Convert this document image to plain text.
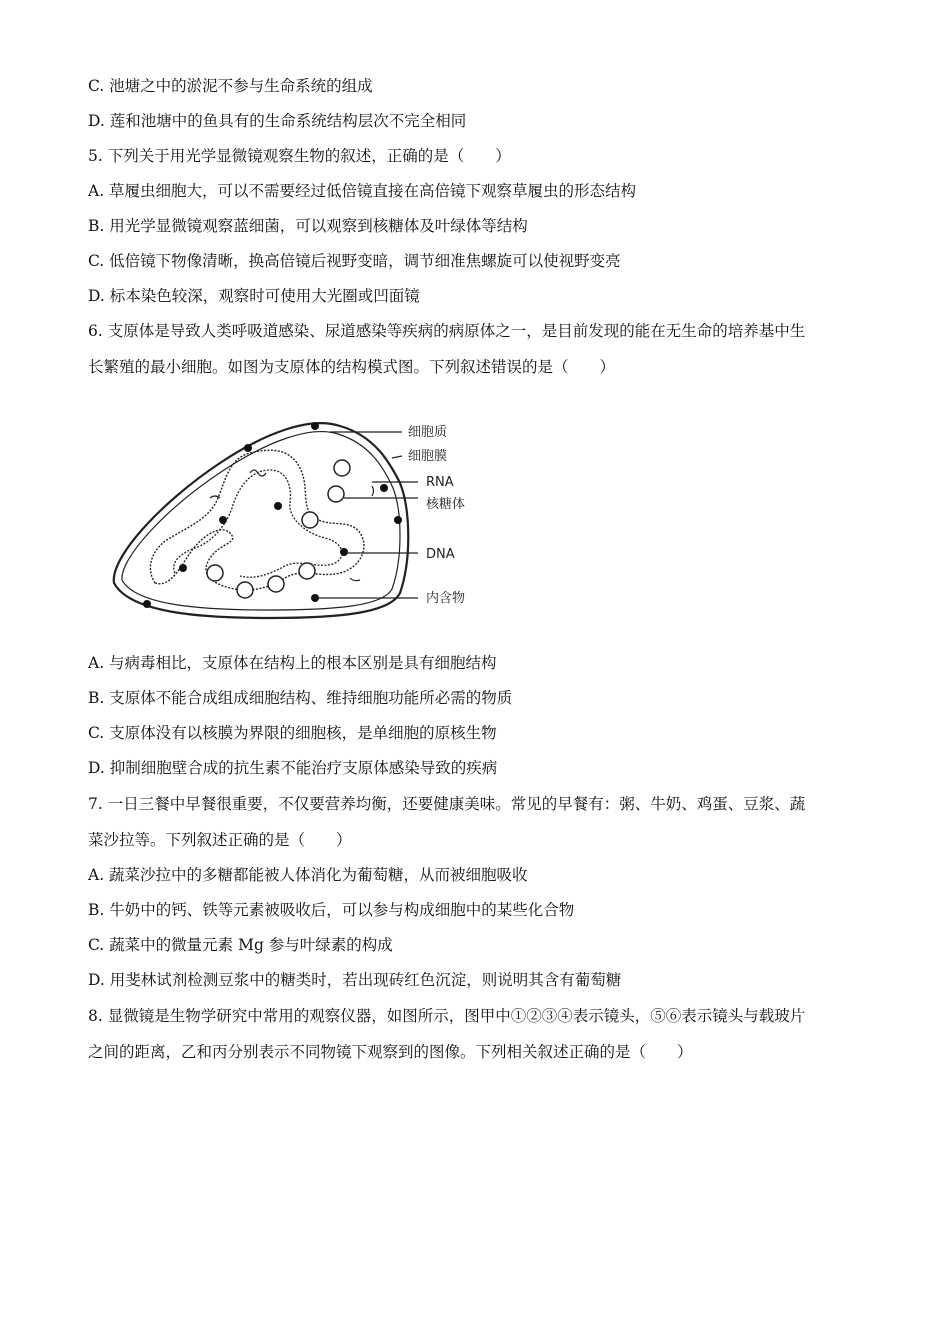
C. 池塘之中的淤泥不参与生命系统的组成
D. 莲和池塘中的鱼具有的生命系统结构层次不完全相同
5. 下列关于用光学显微镜观察生物的叙述，正确的是（　　）
A. 草履虫细胞大，可以不需要经过低倍镜直接在高倍镜下观察草履虫的形态结构
B. 用光学显微镜观察蓝细菌，可以观察到核糖体及叶绿体等结构
C. 低倍镜下物像清晰，换高倍镜后视野变暗，调节细准焦螺旋可以使视野变亮
D. 标本染色较深，观察时可使用大光圈或凹面镜
6. 支原体是导致人类呼吸道感染、尿道感染等疾病的病原体之一，是目前发现的能在无生命的培养基中生
长繁殖的最小细胞。如图为支原体的结构模式图。下列叙述错误的是（　　）
细胞质
细胞膜
RNA
核糖体
DNA
内含物
A. 与病毒相比，支原体在结构上的根本区别是具有细胞结构
B. 支原体不能合成组成细胞结构、维持细胞功能所必需的物质
C. 支原体没有以核膜为界限的细胞核，是单细胞的原核生物
D. 抑制细胞壁合成的抗生素不能治疗支原体感染导致的疾病
7. 一日三餐中早餐很重要，不仅要营养均衡，还要健康美味。常见的早餐有：粥、牛奶、鸡蛋、豆浆、蔬
菜沙拉等。下列叙述正确的是（　　）
A. 蔬菜沙拉中的多糖都能被人体消化为葡萄糖，从而被细胞吸收
B. 牛奶中的钙、铁等元素被吸收后，可以参与构成细胞中的某些化合物
C. 蔬菜中的微量元素 Mg 参与叶绿素的构成
D. 用斐林试剂检测豆浆中的糖类时，若出现砖红色沉淀，则说明其含有葡萄糖
8. 显微镜是生物学研究中常用的观察仪器，如图所示，图甲中①②③④表示镜头，⑤⑥表示镜头与载玻片
之间的距离，乙和丙分别表示不同物镜下观察到的图像。下列相关叙述正确的是（　　）
